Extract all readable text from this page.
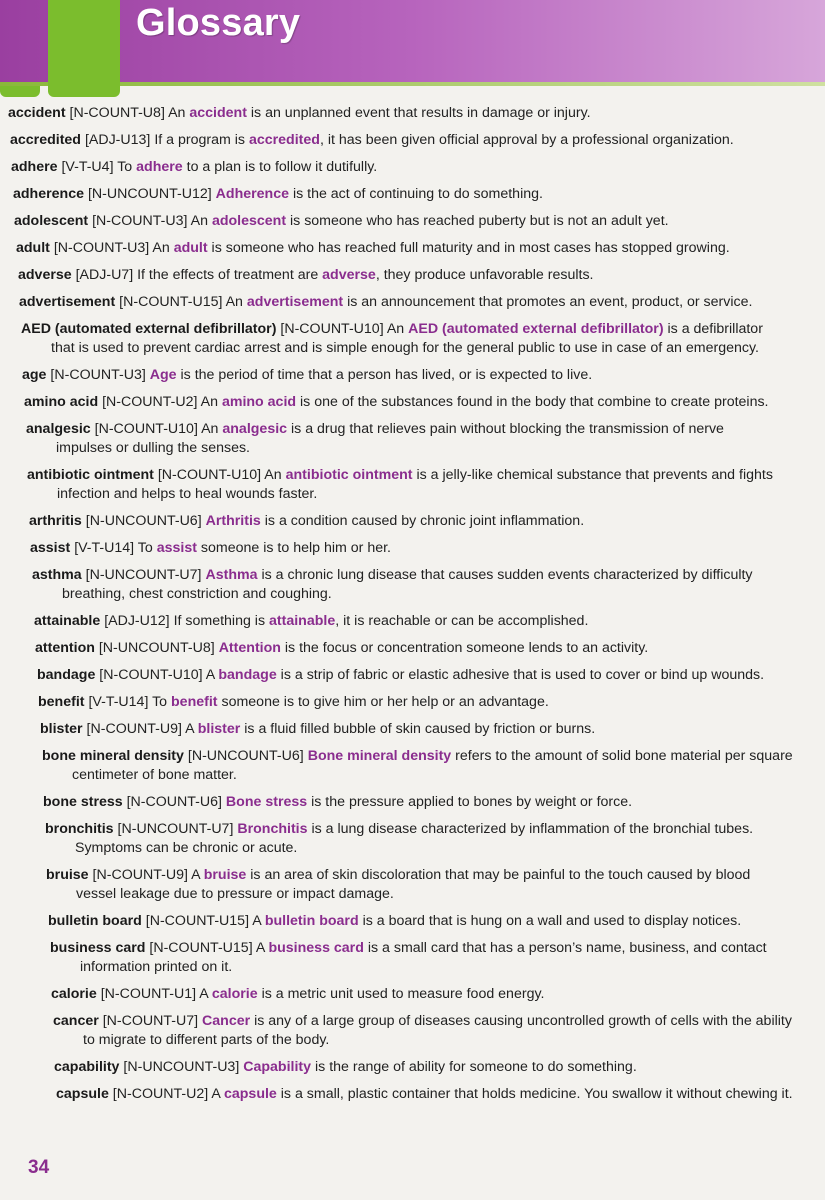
Glossary
accident [N-COUNT-U8] An accident is an unplanned event that results in damage or injury.
accredited [ADJ-U13] If a program is accredited, it has been given official approval by a professional organization.
adhere [V-T-U4] To adhere to a plan is to follow it dutifully.
adherence [N-UNCOUNT-U12] Adherence is the act of continuing to do something.
adolescent [N-COUNT-U3] An adolescent is someone who has reached puberty but is not an adult yet.
adult [N-COUNT-U3] An adult is someone who has reached full maturity and in most cases has stopped growing.
adverse [ADJ-U7] If the effects of treatment are adverse, they produce unfavorable results.
advertisement [N-COUNT-U15] An advertisement is an announcement that promotes an event, product, or service.
AED (automated external defibrillator) [N-COUNT-U10] An AED (automated external defibrillator) is a defibrillator
that is used to prevent cardiac arrest and is simple enough for the general public to use in case of an emergency.
age [N-COUNT-U3] Age is the period of time that a person has lived, or is expected to live.
amino acid [N-COUNT-U2] An amino acid is one of the substances found in the body that combine to create proteins.
analgesic [N-COUNT-U10] An analgesic is a drug that relieves pain without blocking the transmission of nerve
impulses or dulling the senses.
antibiotic ointment [N-COUNT-U10] An antibiotic ointment is a jelly-like chemical substance that prevents and fights
infection and helps to heal wounds faster.
arthritis [N-UNCOUNT-U6] Arthritis is a condition caused by chronic joint inflammation.
assist [V-T-U14] To assist someone is to help him or her.
asthma [N-UNCOUNT-U7] Asthma is a chronic lung disease that causes sudden events characterized by difficulty
breathing, chest constriction and coughing.
attainable [ADJ-U12] If something is attainable, it is reachable or can be accomplished.
attention [N-UNCOUNT-U8] Attention is the focus or concentration someone lends to an activity.
bandage [N-COUNT-U10] A bandage is a strip of fabric or elastic adhesive that is used to cover or bind up wounds.
benefit [V-T-U14] To benefit someone is to give him or her help or an advantage.
blister [N-COUNT-U9] A blister is a fluid filled bubble of skin caused by friction or burns.
bone mineral density [N-UNCOUNT-U6] Bone mineral density refers to the amount of solid bone material per square
centimeter of bone matter.
bone stress [N-COUNT-U6] Bone stress is the pressure applied to bones by weight or force.
bronchitis [N-UNCOUNT-U7] Bronchitis is a lung disease characterized by inflammation of the bronchial tubes.
Symptoms can be chronic or acute.
bruise [N-COUNT-U9] A bruise is an area of skin discoloration that may be painful to the touch caused by blood
vessel leakage due to pressure or impact damage.
bulletin board [N-COUNT-U15] A bulletin board is a board that is hung on a wall and used to display notices.
business card [N-COUNT-U15] A business card is a small card that has a person’s name, business, and contact
information printed on it.
calorie [N-COUNT-U1] A calorie is a metric unit used to measure food energy.
cancer [N-COUNT-U7] Cancer is any of a large group of diseases causing uncontrolled growth of cells with the ability
to migrate to different parts of the body.
capability [N-UNCOUNT-U3] Capability is the range of ability for someone to do something.
capsule [N-COUNT-U2] A capsule is a small, plastic container that holds medicine. You swallow it without chewing it.
34
